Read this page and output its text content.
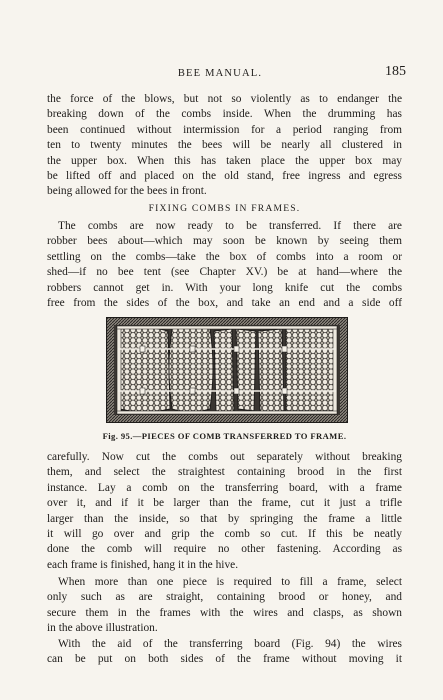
BEE MANUAL.	185
the force of the blows, but not so violently as to endanger the
breaking down of the combs inside. When the drumming has
been continued without intermission for a period ranging from
ten to twenty minutes the bees will be nearly all clustered in
the upper box. When this has taken place the upper box may
be lifted off and placed on the old stand, free ingress and egress
being allowed for the bees in front.
FIXING COMBS IN FRAMES.
The combs are now ready to be transferred. If there are
robber bees about—which may soon be known by seeing them
settling on the combs—take the box of combs into a room or
shed—if no bee tent (see Chapter XV.) be at hand—where the
robbers cannot get in. With your long knife cut the combs
free from the sides of the box, and take an end and a side off
Fig. 95.—PIECES OF COMB TRANSFERRED TO FRAME.
carefully. Now cut the combs out separately without breaking
them, and select the straightest containing brood in the first
instance. Lay a comb on the transferring board, with a frame
over it, and if it be larger than the frame, cut it just a trifle
larger than the inside, so that by springing the frame a little
it will go over and grip the comb so cut. If this be neatly
done the comb will require no other fastening. According as
each frame is finished, hang it in the hive.
When more than one piece is required to fill a frame, select
only such as are straight, containing brood or honey, and
secure them in the frames with the wires and clasps, as shown
in the above illustration.
With the aid of the transferring board (Fig. 94) the wires
can be put on both sides of the frame without moving it
